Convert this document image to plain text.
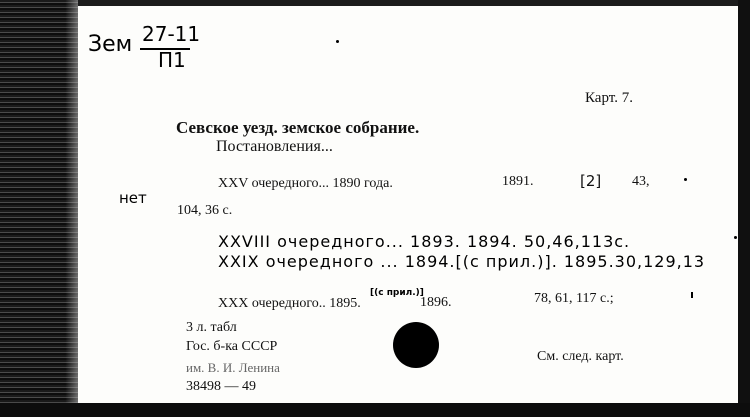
Зем 27-11
П1
Карт. 7.
Севское уезд. земское собрание.
Постановления...
нет
XXV очередного... 1890 года.	1891.	[2] 43,
104, 36 с.
XXVIII очередного... 1893. 1894. 50,46,113с.
XXIX очередного ... 1894.[(с прил.)]. 1895.30,129,13
XXX очередного.. 1895.
[(с прил.)]
1896.	78, 61, 117 с.;
3 л. табл
Гос. б-ка СССР
им. В. И. Ленина
38498 — 49
См. след. карт.
